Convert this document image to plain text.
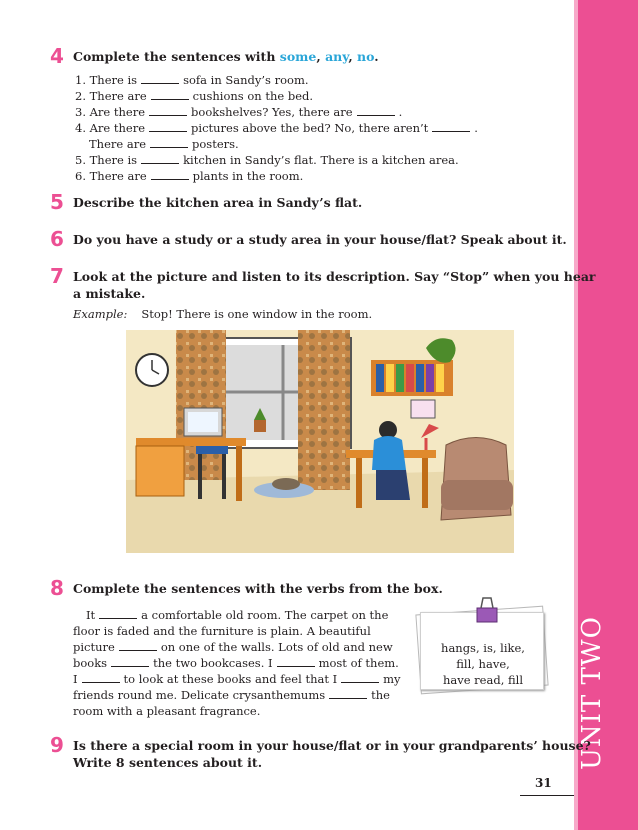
UNIT TWO
4 Complete the sentences with some, any, no.
1. There is	sofa in Sandy’s room.
2. There are	cushions on the bed.
3. Are there	bookshelves? Yes, there are	.
4. Are there	pictures above the bed? No, there aren’t	.
There are	posters.
5. There is	kitchen in Sandy’s flat. There is a kitchen area.
6. There are	plants in the room.
5 Describe the kitchen area in Sandy’s flat.
6 Do you have a study or a study area in your house/flat? Speak about it.
7 Look at the picture and listen to its description. Say “Stop” when you hear
a mistake.
Example: Stop! There is one window in the room.
8 Complete the sentences with the verbs from the box.
It	a comfortable old room. The carpet on the
floor is faded and the furniture is plain. A beautiful
picture	on one of the walls. Lots of old and new
books	the two bookcases. I	most of them.
I	to look at these books and feel that I	my
friends round me. Delicate crysanthemums	the
room with a pleasant fragrance.
hangs, is, like,
fill, have,
have read, fill
9 Is there a special room in your house/flat or in your grandparents’ house?
Write 8 sentences about it.
31
